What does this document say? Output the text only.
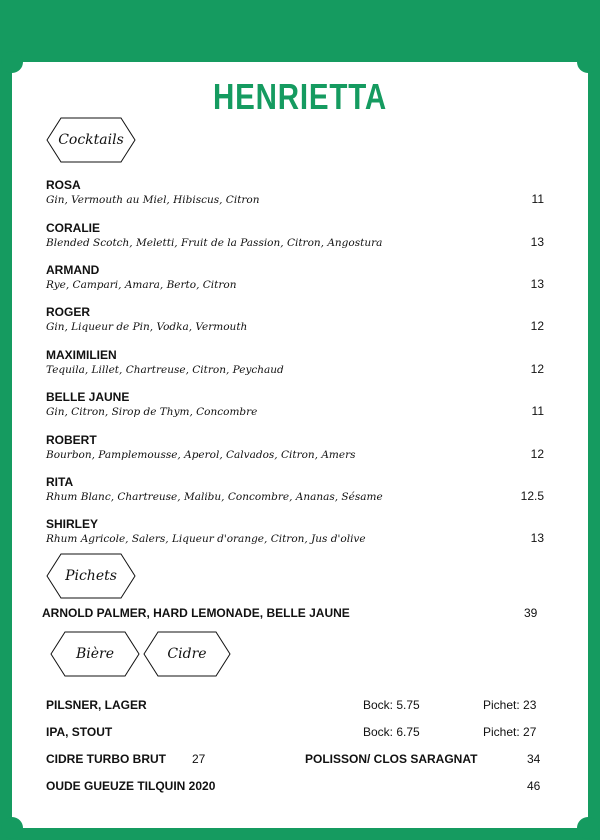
HENRIETTA
Cocktails
ROSA
Gin, Vermouth au Miel, Hibiscus, Citron	11
CORALIE
Blended Scotch, Meletti, Fruit de la Passion, Citron, Angostura	13
ARMAND
Rye, Campari, Amara, Berto, Citron	13
ROGER
Gin, Liqueur de Pin, Vodka, Vermouth	12
MAXIMILIEN
Tequila, Lillet, Chartreuse, Citron, Peychaud	12
BELLE JAUNE
Gin, Citron, Sirop de Thym, Concombre	11
ROBERT
Bourbon, Pamplemousse, Aperol, Calvados, Citron, Amers	12
RITA
Rhum Blanc, Chartreuse, Malibu, Concombre, Ananas, Sésame	12.5
SHIRLEY
Rhum Agricole, Salers, Liqueur d'orange, Citron, Jus d'olive	13
Pichets
ARNOLD PALMER, HARD LEMONADE, BELLE JAUNE	39
Bière	Cidre
PILSNER, LAGER	Bock: 5.75	Pichet: 23
IPA, STOUT	Bock: 6.75	Pichet: 27
CIDRE TURBO BRUT 27	POLISSON/ CLOS SARAGNAT	34
OUDE GUEUZE TILQUIN 2020	46
